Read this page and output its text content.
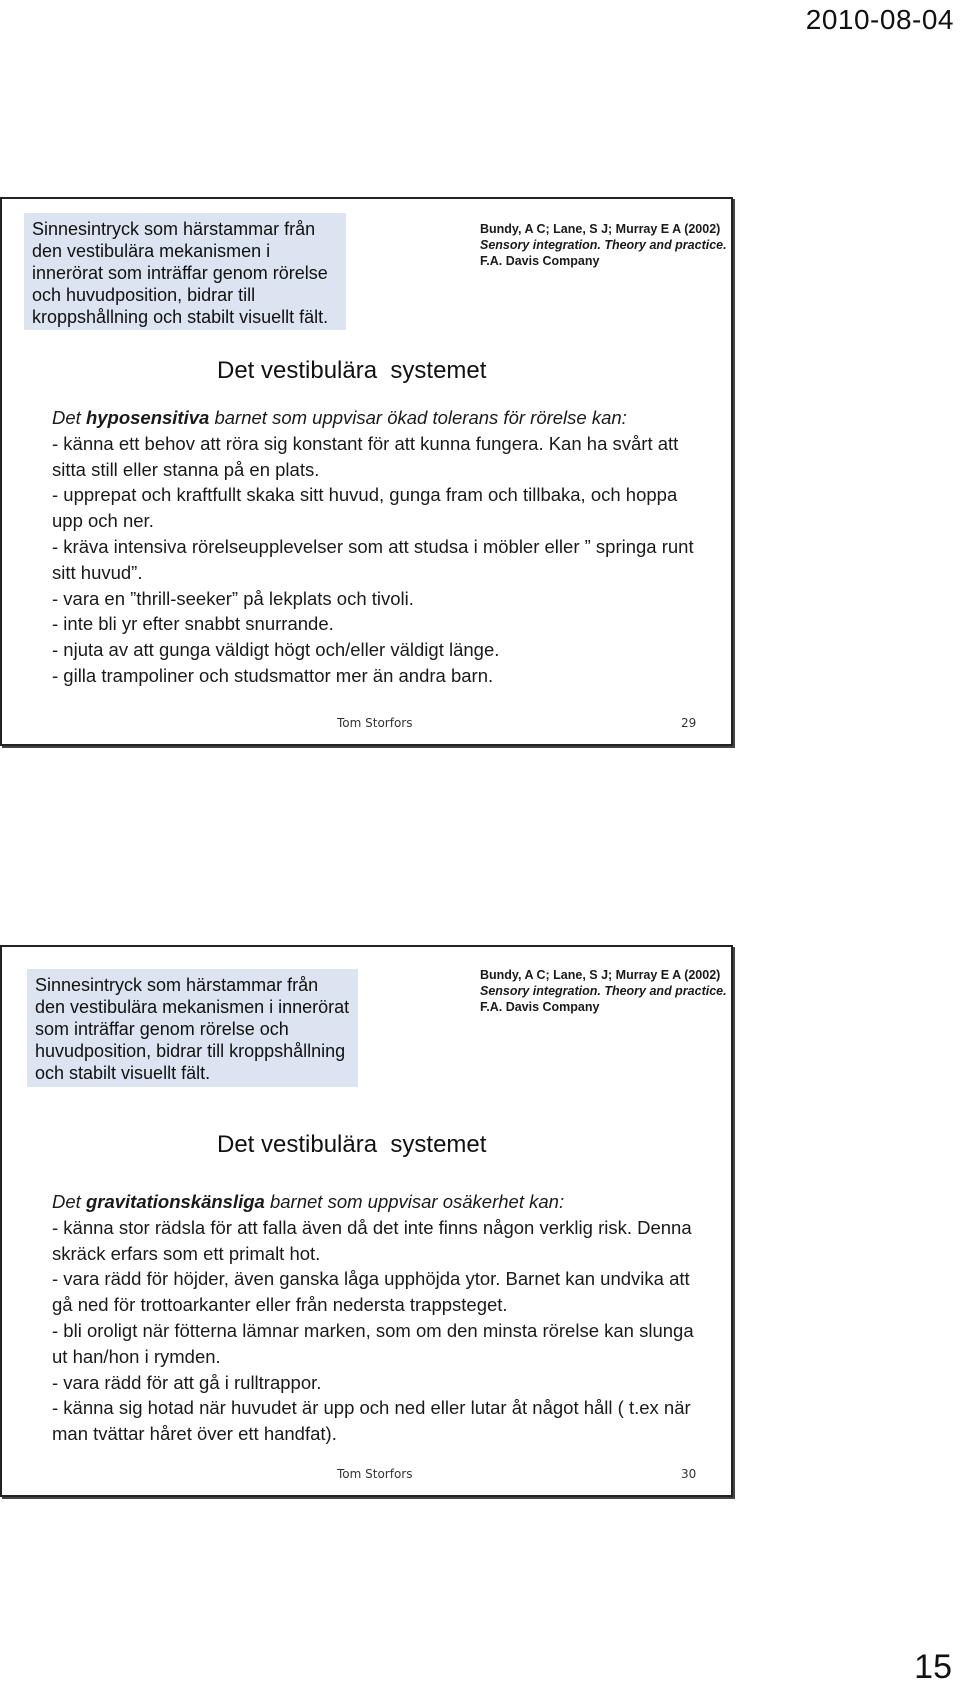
2010-08-04
Sinnesintryck som härstammar från den vestibulära mekanismen i innerörat som inträffar genom rörelse och huvudposition, bidrar till kroppshållning och stabilt visuellt fält.
Bundy, A C; Lane, S J; Murray E A (2002) Sensory integration. Theory and practice. F.A. Davis Company
Det vestibulära  systemet

Det hyposensitiva barnet som uppvisar ökad tolerans för rörelse kan:

- känna ett behov att röra sig konstant för att kunna fungera. Kan ha svårt att sitta still eller stanna på en plats.

- upprepat och kraftfullt skaka sitt huvud, gunga fram och tillbaka, och hoppa upp och ner.

- kräva intensiva rörelseupplevelser som att studsa i möbler eller ” springa runt sitt huvud”.

- vara en ”thrill-seeker” på lekplats och tivoli.

- inte bli yr efter snabbt snurrande.

- njuta av att gunga väldigt högt och/eller väldigt länge.

- gilla trampoliner och studsmattor mer än andra barn.

Tom Storfors	29
Sinnesintryck som härstammar från den vestibulära mekanismen i innerörat som inträffar genom rörelse och huvudposition, bidrar till kroppshållning och stabilt visuellt fält.
Bundy, A C; Lane, S J; Murray E A (2002) Sensory integration. Theory and practice. F.A. Davis Company
Det vestibulära  systemet

Det gravitationskänsliga barnet som uppvisar osäkerhet kan:

- känna stor rädsla för att falla även då det inte finns någon verklig risk. Denna skräck erfars som ett primalt hot.

- vara rädd för höjder, även ganska låga upphöjda ytor. Barnet kan undvika att gå ned för trottoarkanter eller från nedersta trappsteget.

- bli oroligt när fötterna lämnar marken, som om den minsta rörelse kan slunga ut han/hon i rymden.

- vara rädd för att gå i rulltrappor.

- känna sig hotad när huvudet är upp och ned eller lutar åt något håll ( t.ex när man tvättar håret över ett handfat).

Tom Storfors	30
15
